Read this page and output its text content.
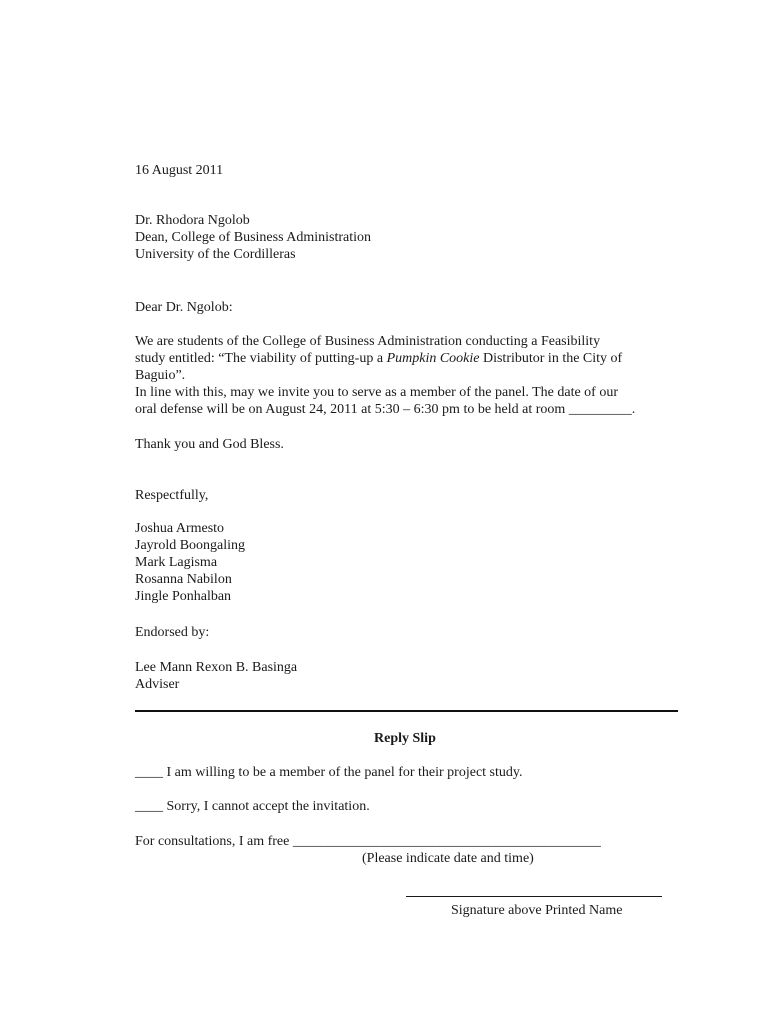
16 August 2011
Dr. Rhodora Ngolob
Dean, College of Business Administration
University of the Cordilleras
Dear Dr. Ngolob:
We are students of the College of Business Administration conducting a Feasibility
study entitled: “The viability of putting-up a Pumpkin Cookie Distributor in the City of
Baguio”.
In line with this, may we invite you to serve as a member of the panel. The date of our
oral defense will be on August 24, 2011 at 5:30 – 6:30 pm to be held at room _________.
Thank you and God Bless.
Respectfully,
Joshua Armesto
Jayrold Boongaling
Mark Lagisma
Rosanna Nabilon
Jingle Ponhalban
Endorsed by:
Lee Mann Rexon B. Basinga
Adviser
Reply Slip
____ I am willing to be a member of the panel for their project study.
____ Sorry, I cannot accept the invitation.
For consultations, I am free ____________________________________________
(Please indicate date and time)
Signature above Printed Name
